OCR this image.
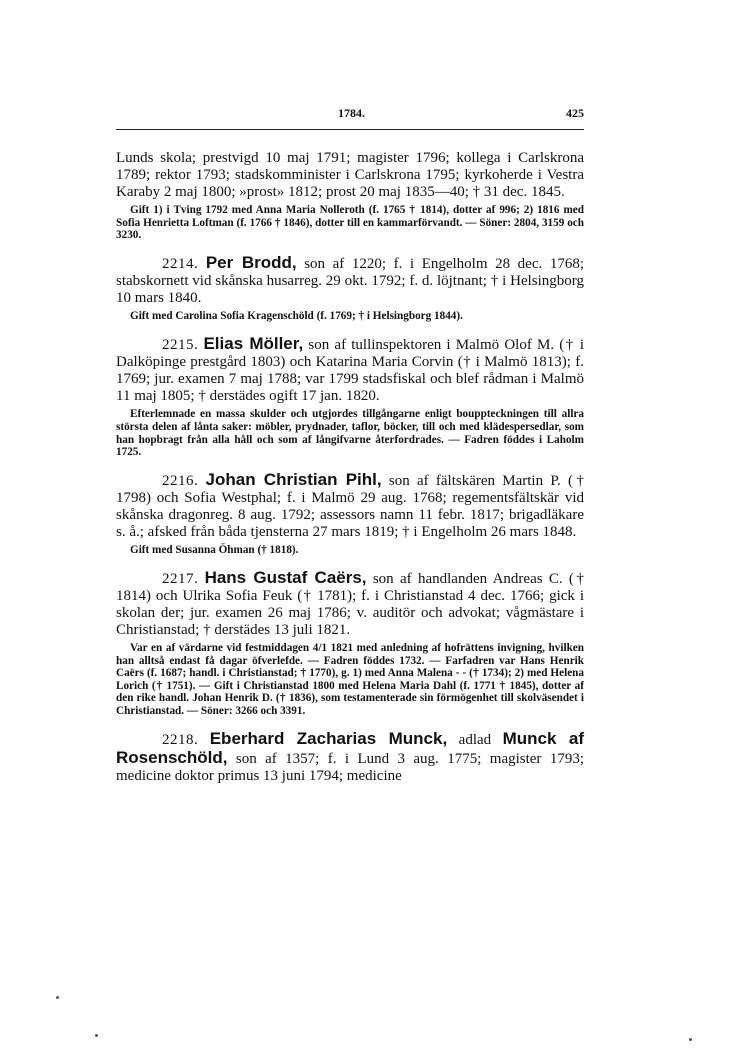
1784.	425

Lunds skola; prestvigd 10 maj 1791; magister 1796; kollega i Carlskrona 1789; rektor 1793; stadskomminister i Carlskrona 1795; kyrkoherde i Vestra Karaby 2 maj 1800; »prost» 1812; prost 20 maj 1835—40; † 31 dec. 1845.

Gift 1) i Tving 1792 med Anna Maria Nolleroth (f. 1765 † 1814), dotter af 996; 2) 1816 med Sofia Henrietta Loftman (f. 1766 † 1846), dotter till en kammarförvandt. — Söner: 2804, 3159 och 3230.

2214. Per Brodd, son af 1220; f. i Engelholm 28 dec. 1768; stabskornett vid skånska husarreg. 29 okt. 1792; f. d. löjtnant; † i Helsingborg 10 mars 1840.

Gift med Carolina Sofia Kragenschöld (f. 1769; † i Helsingborg 1844).

2215. Elias Möller, son af tullinspektoren i Malmö Olof M. († i Dalköpinge prestgård 1803) och Katarina Maria Corvin († i Malmö 1813); f. 1769; jur. examen 7 maj 1788; var 1799 stadsfiskal och blef rådman i Malmö 11 maj 1805; † derstädes ogift 17 jan. 1820.

Efterlemnade en massa skulder och utgjordes tillgångarne enligt bouppteckningen till allra största delen af lånta saker: möbler, prydnader, taflor, böcker, till och med klädespersedlar, som han hopbragt från alla håll och som af långifvarne återfordrades. — Fadren föddes i Laholm 1725.

2216. Johan Christian Pihl, son af fältskären Martin P. († 1798) och Sofia Westphal; f. i Malmö 29 aug. 1768; regementsfältskär vid skånska dragonreg. 8 aug. 1792; assessors namn 11 febr. 1817; brigadläkare s. å.; afsked från båda tjensterna 27 mars 1819; † i Engelholm 26 mars 1848.

Gift med Susanna Öhman († 1818).

2217. Hans Gustaf Caërs, son af handlanden Andreas C. († 1814) och Ulrika Sofia Feuk († 1781); f. i Christianstad 4 dec. 1766; gick i skolan der; jur. examen 26 maj 1786; v. auditör och advokat; vågmästare i Christianstad; † derstädes 13 juli 1821.

Var en af värdarne vid festmiddagen 4/1 1821 med anledning af hofrättens invigning, hvilken han alltså endast få dagar öfverlefde. — Fadren föddes 1732. — Farfadren var Hans Henrik Caërs (f. 1687; handl. i Christianstad; † 1770), g. 1) med Anna Malena - - († 1734); 2) med Helena Lorich († 1751). — Gift i Christianstad 1800 med Helena Maria Dahl (f. 1771 † 1845), dotter af den rike handl. Johan Henrik D. († 1836), som testamenterade sin förmögenhet till skolväsendet i Christianstad. — Söner: 3266 och 3391.

2218. Eberhard Zacharias Munck, adlad Munck af Rosenschöld, son af 1357; f. i Lund 3 aug. 1775; magister 1793; medicine doktor primus 13 juni 1794; medicine
